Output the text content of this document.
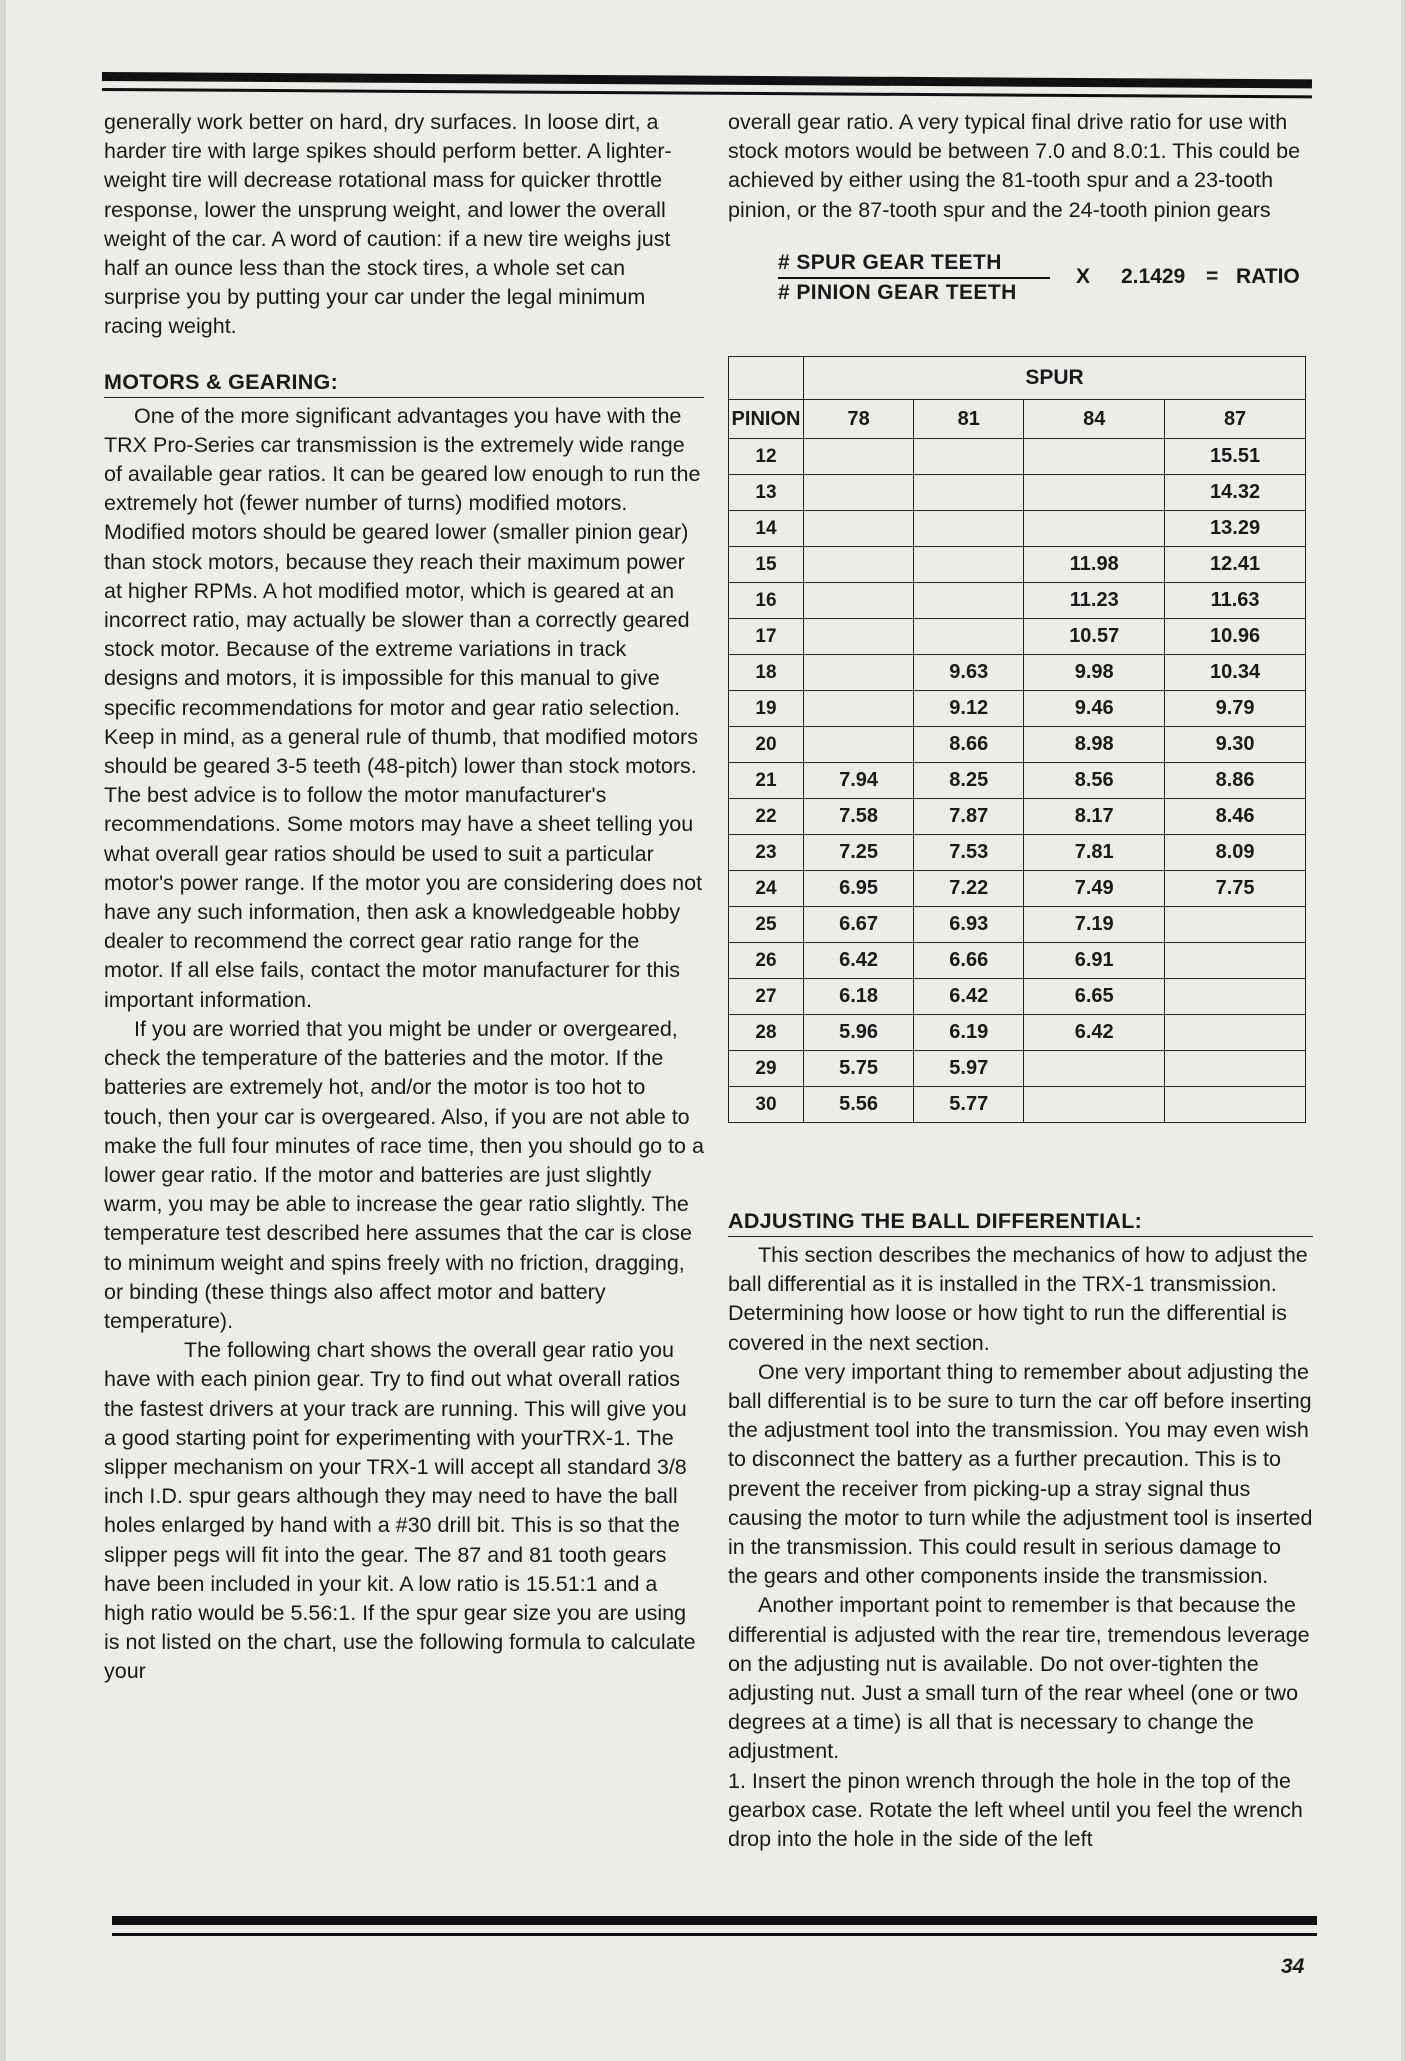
generally work better on hard, dry surfaces. In loose dirt, a harder tire with large spikes should perform better. A lighter-weight tire will decrease rotational mass for quicker throttle response, lower the unsprung weight, and lower the overall weight of the car. A word of caution: if a new tire weighs just half an ounce less than the stock tires, a whole set can surprise you by putting your car under the legal minimum racing weight.

MOTORS & GEARING:

One of the more significant advantages you have with the TRX Pro-Series car transmission is the extremely wide range of available gear ratios. It can be geared low enough to run the extremely hot (fewer number of turns) modified motors. Modified motors should be geared lower (smaller pinion gear) than stock motors, because they reach their maximum power at higher RPMs. A hot modified motor, which is geared at an incorrect ratio, may actually be slower than a correctly geared stock motor. Because of the extreme variations in track designs and motors, it is impossible for this manual to give specific recommendations for motor and gear ratio selection. Keep in mind, as a general rule of thumb, that modified motors should be geared 3-5 teeth (48-pitch) lower than stock motors. The best advice is to follow the motor manufacturer's recommendations. Some motors may have a sheet telling you what overall gear ratios should be used to suit a particular motor's power range. If the motor you are considering does not have any such information, then ask a knowledgeable hobby dealer to recommend the correct gear ratio range for the motor. If all else fails, contact the motor manufacturer for this important information.

If you are worried that you might be under or overgeared, check the temperature of the batteries and the motor. If the batteries are extremely hot, and/or the motor is too hot to touch, then your car is overgeared. Also, if you are not able to make the full four minutes of race time, then you should go to a lower gear ratio. If the motor and batteries are just slightly warm, you may be able to increase the gear ratio slightly. The temperature test described here assumes that the car is close to minimum weight and spins freely with no friction, dragging, or binding (these things also affect motor and battery temperature).

The following chart shows the overall gear ratio you have with each pinion gear. Try to find out what overall ratios the fastest drivers at your track are running. This will give you a good starting point for experimenting with yourTRX-1. The slipper mechanism on your TRX-1 will accept all standard 3/8 inch I.D. spur gears although they may need to have the ball holes enlarged by hand with a #30 drill bit. This is so that the slipper pegs will fit into the gear. The 87 and 81 tooth gears have been included in your kit. A low ratio is 15.51:1 and a high ratio would be 5.56:1. If the spur gear size you are using is not listed on the chart, use the following formula to calculate your

overall gear ratio. A very typical final drive ratio for use with stock motors would be between 7.0 and 8.0:1. This could be achieved by either using the 81-tooth spur and a 23-tooth pinion, or the 87-tooth spur and the 24-tooth pinion gears

# SPUR GEAR TEETH
# PINION GEAR TEETH
X 2.1429 = RATIO
	SPUR			
PINION	78	81	84	87
12				15.51
13				14.32
14				13.29
15			11.98	12.41
16			11.23	11.63
17			10.57	10.96
18		9.63	9.98	10.34
19		9.12	9.46	9.79
20		8.66	8.98	9.30
21	7.94	8.25	8.56	8.86
22	7.58	7.87	8.17	8.46
23	7.25	7.53	7.81	8.09
24	6.95	7.22	7.49	7.75
25	6.67	6.93	7.19	
26	6.42	6.66	6.91	
27	6.18	6.42	6.65	
28	5.96	6.19	6.42	
29	5.75	5.97		
30	5.56	5.77		
ADJUSTING THE BALL DIFFERENTIAL:

This section describes the mechanics of how to adjust the ball differential as it is installed in the TRX-1 transmission. Determining how loose or how tight to run the differential is covered in the next section.

One very important thing to remember about adjusting the ball differential is to be sure to turn the car off before inserting the adjustment tool into the transmission. You may even wish to disconnect the battery as a further precaution. This is to prevent the receiver from picking-up a stray signal thus causing the motor to turn while the adjustment tool is inserted in the transmission. This could result in serious damage to the gears and other components inside the transmission.

Another important point to remember is that because the differential is adjusted with the rear tire, tremendous leverage on the adjusting nut is available. Do not over-tighten the adjusting nut. Just a small turn of the rear wheel (one or two degrees at a time) is all that is necessary to change the adjustment.

1. Insert the pinon wrench through the hole in the top of the gearbox case. Rotate the left wheel until you feel the wrench drop into the hole in the side of the left

34
